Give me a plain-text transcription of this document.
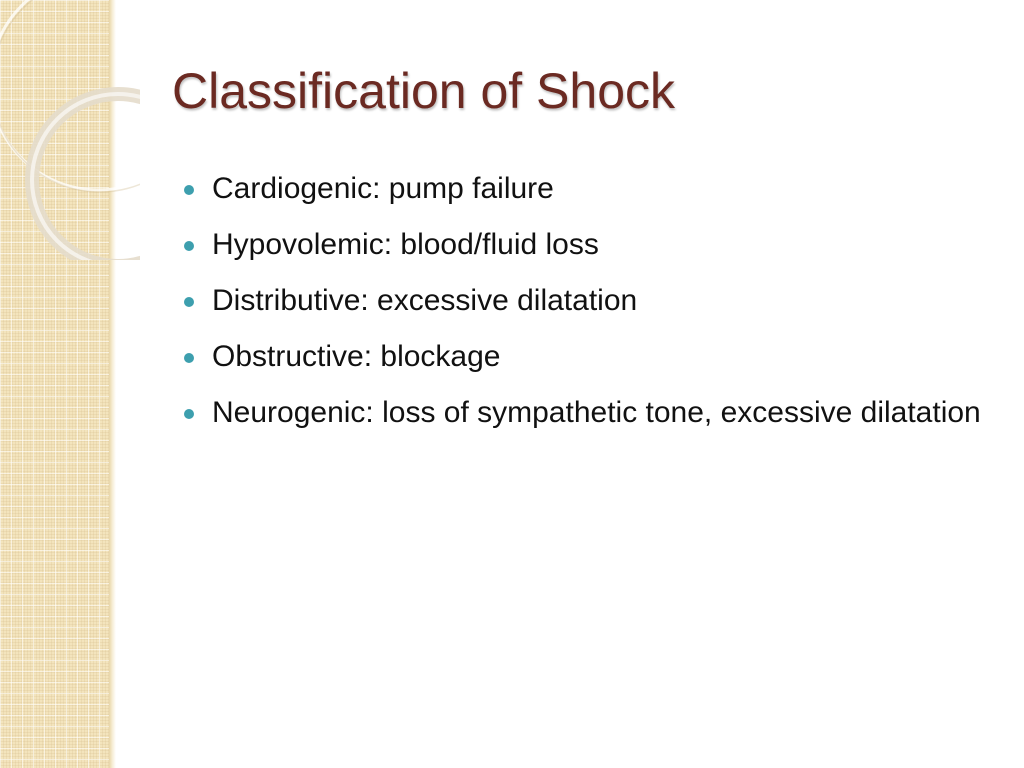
Classification of Shock
Cardiogenic: pump failure
Hypovolemic: blood/fluid loss
Distributive: excessive dilatation
Obstructive: blockage
Neurogenic: loss of sympathetic tone, excessive dilatation
